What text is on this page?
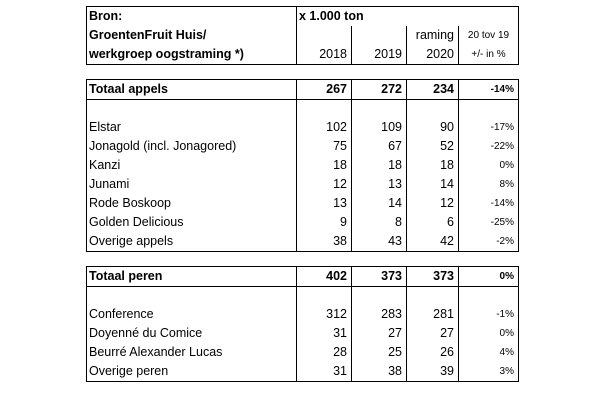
Bron:	x 1.000 ton			
GroentenFruit Huis/			raming	20 tov 19
werkgroep oogstraming *)	2018	2019	2020	+/- in %

Totaal appels	267	272	234	-14%

Elstar	102	109	90	-17%
Jonagold (incl. Jonagored)	75	67	52	-22%
Kanzi	18	18	18	0%
Junami	12	13	14	8%
Rode Boskoop	13	14	12	-14%
Golden Delicious	9	8	6	-25%
Overige appels	38	43	42	-2%

Totaal peren	402	373	373	0%

Conference	312	283	281	-1%
Doyenné du Comice	31	27	27	0%
Beurré Alexander Lucas	28	25	26	4%
Overige peren	31	38	39	3%
